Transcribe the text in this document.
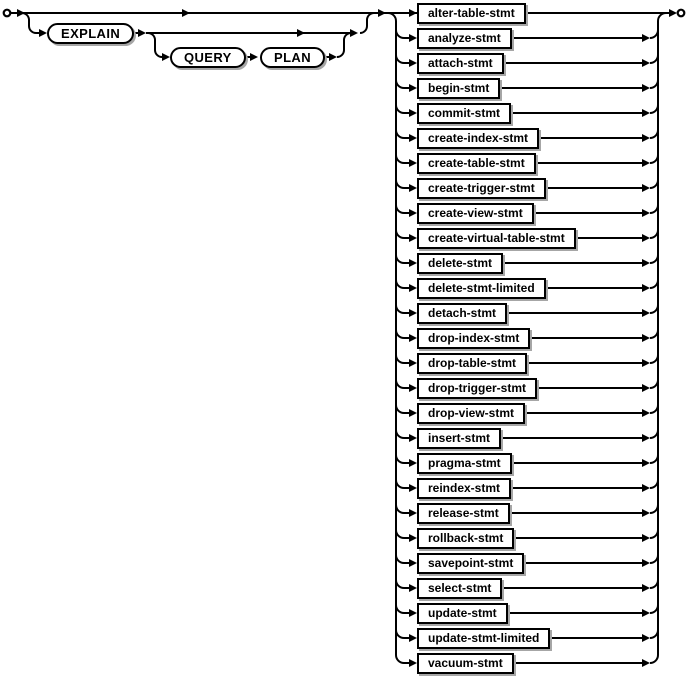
alter-table-stmt
analyze-stmt
attach-stmt
begin-stmt
commit-stmt
create-index-stmt
create-table-stmt
create-trigger-stmt
create-view-stmt
create-virtual-table-stmt
delete-stmt
delete-stmt-limited
detach-stmt
drop-index-stmt
drop-table-stmt
drop-trigger-stmt
drop-view-stmt
insert-stmt
pragma-stmt
reindex-stmt
release-stmt
rollback-stmt
savepoint-stmt
select-stmt
update-stmt
update-stmt-limited
vacuum-stmt
EXPLAIN
QUERY	PLAN
